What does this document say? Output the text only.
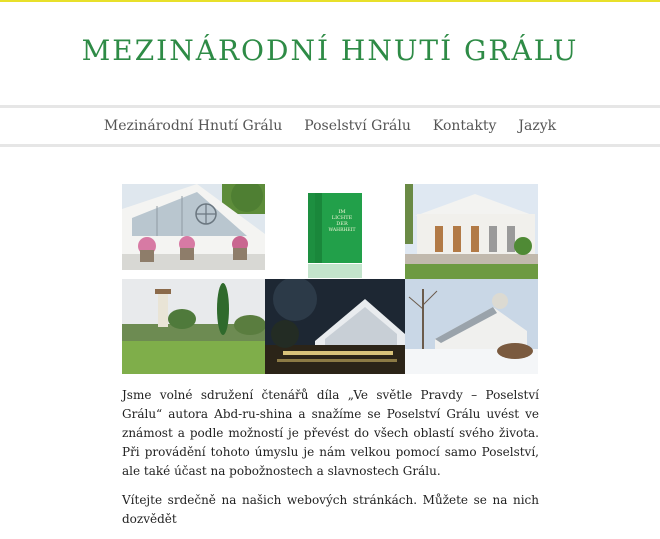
MEZINÁRODNÍ HNUTÍ GRÁLU
Mezinárodní Hnutí Grálu Poselství Grálu Kontakty Jazyk
IM
LICHTE
DER
WAHRHEIT

Jsme volné sdružení čtenářů díla „Ve světle Pravdy – Poselství Grálu“ autora Abd-ru-shina a snažíme se Poselství Grálu uvést ve známost a podle možností je převést do všech oblastí svého života. Při provádění tohoto úmyslu je nám velkou pomocí samo Poselství, ale také účast na pobožnostech a slavnostech Grálu.

Vítejte srdečně na našich webových stránkách. Můžete se na nich dozvědět
